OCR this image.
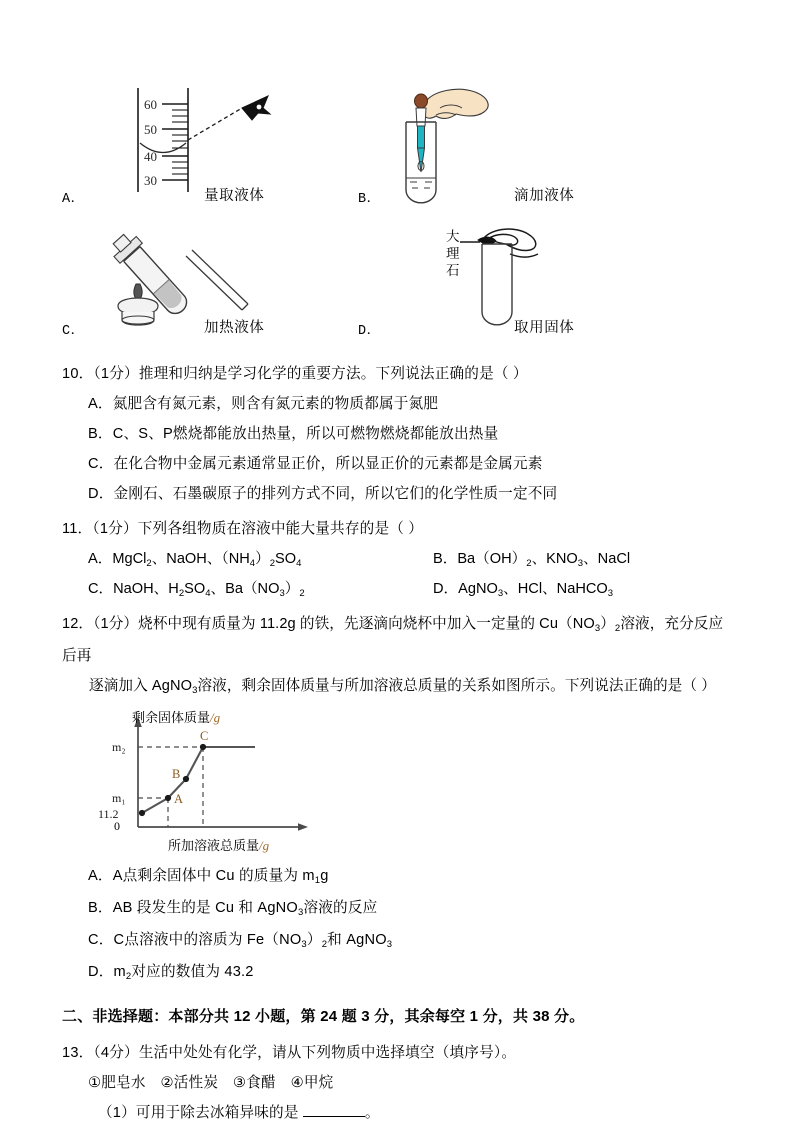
60
50
40
30
A．	量取液体	B．	滴加液体
C．	加热液体
大
理
石
D．	取用固体
10．（1分）推理和归纳是学习化学的重要方法。下列说法正确的是（ ）
A．氮肥含有氮元素，则含有氮元素的物质都属于氮肥
B．C、S、P燃烧都能放出热量，所以可燃物燃烧都能放出热量
C．在化合物中金属元素通常显正价，所以显正价的元素都是金属元素
D．金刚石、石墨碳原子的排列方式不同，所以它们的化学性质一定不同
11．（1分）下列各组物质在溶液中能大量共存的是（ ）
A．MgCl$_2$、NaOH、$(NH_4)_2SO_4$	B．$Ba(OH)_2$、$KNO_3$、NaCl
C．NaOH、$H_2SO_4$、$Ba(NO_3)_2$	D．AgNO$_3$、HCl、NaHCO$_3$
12．（1分）烧杯中现有质量为 11.2g 的铁，先逐滴向烧杯中加入一定量的 $Cu(NO_3)_2$溶液，充分反应后再
逐滴加入 AgNO$_3$溶液，剩余固体质量与所加溶液总质量的关系如图所示。下列说法正确的是（ ）
剩余固体质量/g
所加溶液总质量/g
m₂
m₁
11.2
A
B
C
0
A．A点剩余固体中 Cu 的质量为 $m_1g$
B．AB 段发生的是 Cu 和 AgNO$_3$溶液的反应
C．C点溶液中的溶质为 $Fe(NO_3)_2$和 AgNO$_3$
D．$m_2$对应的数值为 43.2
二、非选择题：本部分共 12 小题，第 24 题 3 分，其余每空 1 分，共 38 分。
13．（4分）生活中处处有化学，请从下列物质中选择填空（填序号）。
①肥皂水　②活性炭　③食醋　④甲烷
（1）可用于除去冰箱异味的是	。
